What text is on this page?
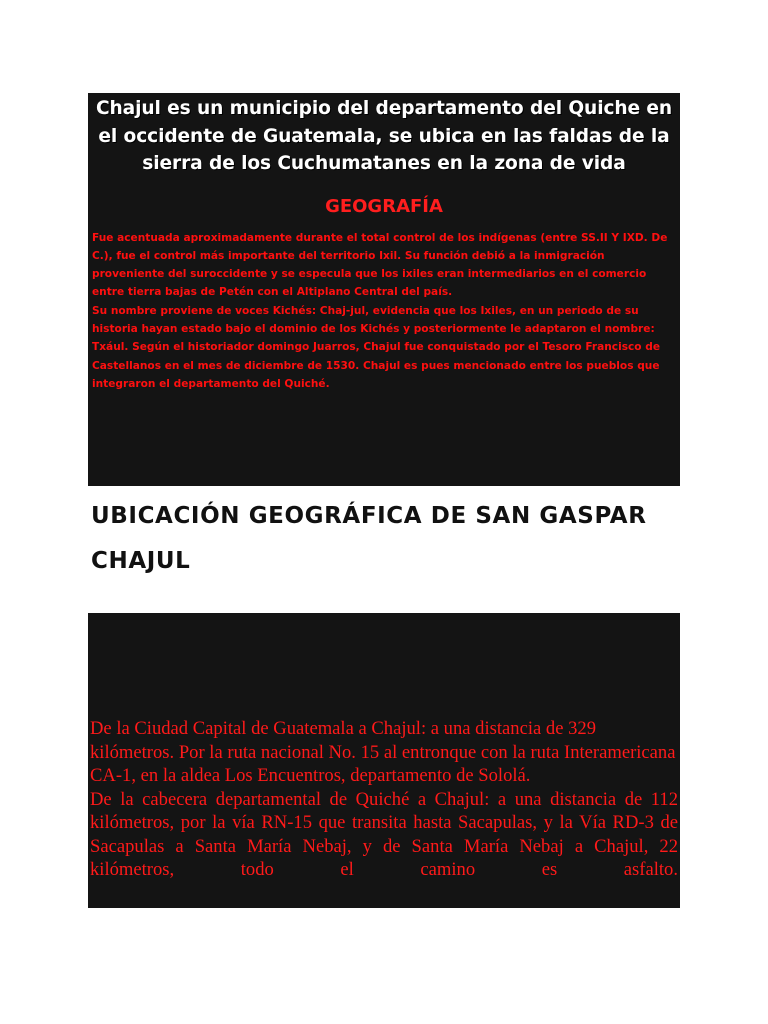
Chajul es un municipio del departamento del Quiche en el occidente de Guatemala, se ubica en las faldas de la sierra de los Cuchumatanes en la zona de vida

GEOGRAFÍA

Fue acentuada aproximadamente durante el total control de los indígenas (entre SS.II Y IXD. De C.), fue el control más importante del territorio Ixil. Su función debió a la inmigración proveniente del suroccidente y se especula que los ixiles eran intermediarios en el comercio entre tierra bajas de Petén con el Altiplano Central del país.

Su nombre proviene de voces Kichés: Chaj-jul, evidencia que los Ixiles, en un periodo de su historia hayan estado bajo el dominio de los Kichés y posteriormente le adaptaron el nombre: Txául. Según el historiador domingo Juarros, Chajul fue conquistado por el Tesoro Francisco de Castellanos en el mes de diciembre de 1530. Chajul es pues mencionado entre los pueblos que integraron el departamento del Quiché.

UBICACIÓN GEOGRÁFICA DE SAN GASPAR CHAJUL

De la Ciudad Capital de Guatemala a Chajul: a una distancia de 329 kilómetros. Por la ruta nacional No. 15 al entronque con la ruta Interamericana CA-1, en la aldea Los Encuentros, departamento de Sololá.

De la cabecera departamental de Quiché a Chajul: a una distancia de 112 kilómetros, por la vía RN-15 que transita hasta Sacapulas, y la Vía RD-3 de Sacapulas a Santa María Nebaj, y de Santa María Nebaj a Chajul, 22 kilómetros, todo el camino es asfalto.
